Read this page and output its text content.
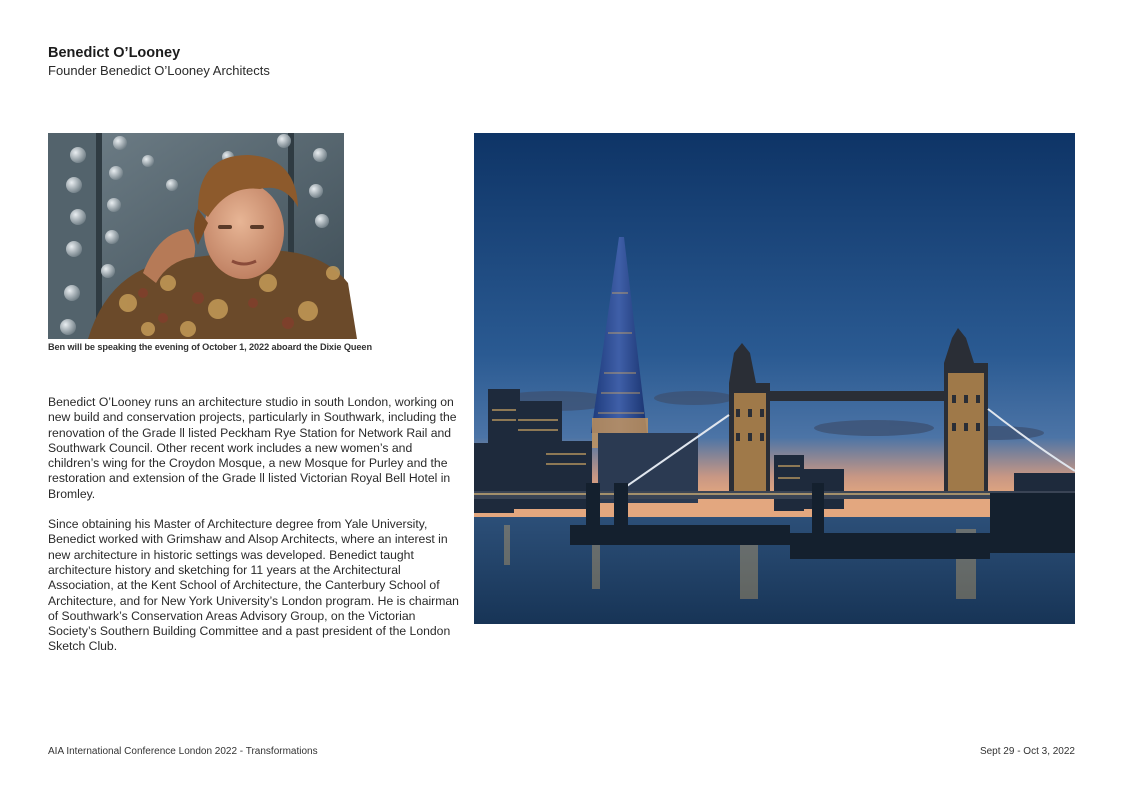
Benedict O’Looney
Founder Benedict O’Looney Architects
Ben will be speaking the evening of October 1, 2022 aboard the Dixie Queen

Benedict O’Looney runs an architecture studio in south London, working on new build and conservation projects, particularly in Southwark, including the renovation of the Grade ll listed Peckham Rye Station for Network Rail and Southwark Council. Other recent work includes a new women’s and children’s wing for the Croydon Mosque, a new Mosque for Purley and the restoration and extension of the Grade ll listed Victorian Royal Bell Hotel in Bromley.

Since obtaining his Master of Architecture degree from Yale University, Benedict worked with Grimshaw and Alsop Architects, where an interest in new architecture in historic settings was developed. Benedict taught architecture history and sketching for 11 years at the Architectural Association, at the Kent School of Architecture, the Canterbury School of Architecture, and for New York University’s London program. He is chairman of Southwark’s Conservation Areas Advisory Group, on the Victorian Society’s Southern Building Committee and a past president of the London Sketch Club.

AIA International Conference London 2022 - Transformations	Sept 29 - Oct 3, 2022
